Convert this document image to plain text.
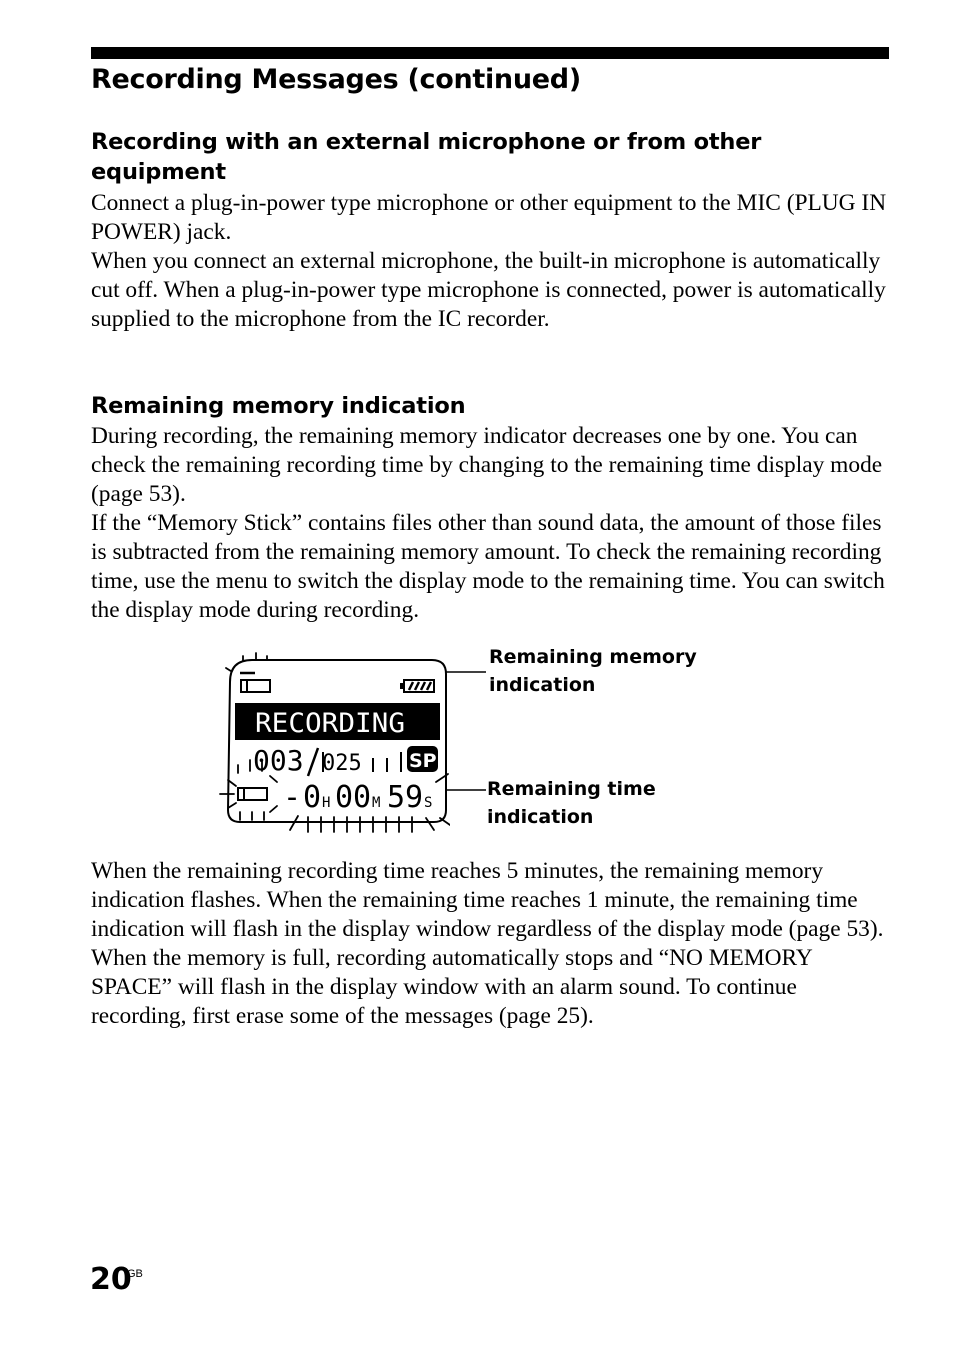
Recording Messages (continued)
Recording with an external microphone or from other equipment

Connect a plug-in-power type microphone or other equipment to the MIC (PLUG IN POWER) jack.

When you connect an external microphone, the built-in microphone is automatically cut off. When a plug-in-power type microphone is connected, power is automatically supplied to the microphone from the IC recorder.

Remaining memory indication

During recording, the remaining memory indicator decreases one by one. You can check the remaining recording time by changing to the remaining time display mode (page 53).

If the “Memory Stick” contains files other than sound data, the amount of those files is subtracted from the remaining memory amount. To check the remaining recording time, use the menu to switch the display mode to the remaining time. You can switch the display mode during recording.

RECORDING
003 025 SP
- 0 H 00 M 59 S

Remaining memory indication

Remaining time indication

When the remaining recording time reaches 5 minutes, the remaining memory indication flashes. When the remaining time reaches 1 minute, the remaining time indication will flash in the display window regardless of the display mode (page 53). When the memory is full, recording automatically stops and “NO MEMORY SPACE” will flash in the display window with an alarm sound. To continue recording, first erase some of the messages (page 25).

20

GB
